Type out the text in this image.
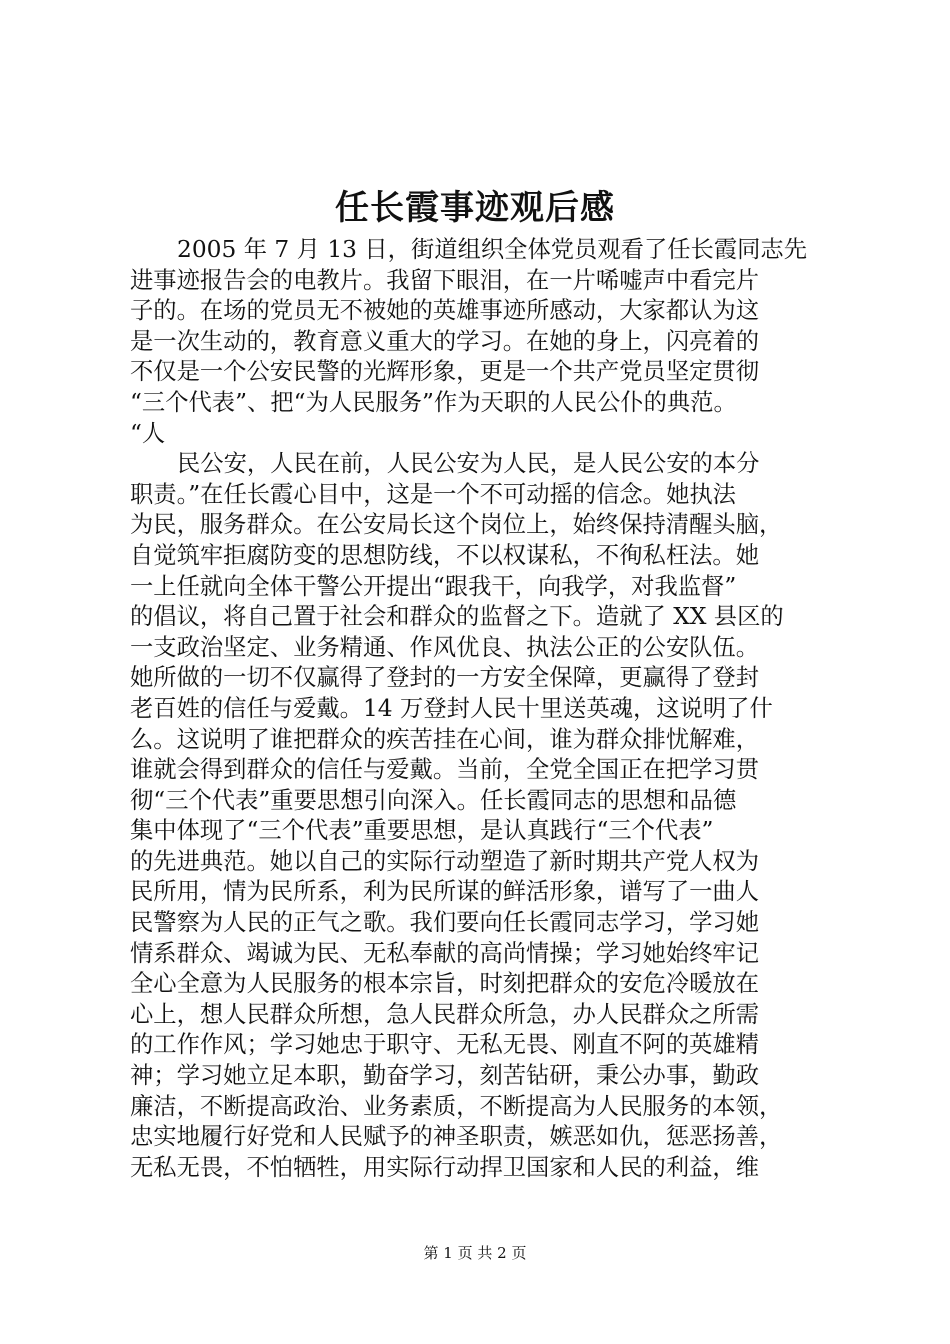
任长霞事迹观后感
2005 年 7 月 13 日，街道组织全体党员观看了任长霞同志先
进事迹报告会的电教片。我留下眼泪，在一片唏嘘声中看完片
子的。在场的党员无不被她的英雄事迹所感动，大家都认为这
是一次生动的，教育意义重大的学习。在她的身上，闪亮着的
不仅是一个公安民警的光辉形象，更是一个共产党员坚定贯彻
“三个代表”、把“为人民服务”作为天职的人民公仆的典范。
“人
民公安，人民在前，人民公安为人民，是人民公安的本分
职责。”在任长霞心目中，这是一个不可动摇的信念。她执法
为民，服务群众。在公安局长这个岗位上，始终保持清醒头脑，
自觉筑牢拒腐防变的思想防线，不以权谋私，不徇私枉法。她
一上任就向全体干警公开提出“跟我干，向我学，对我监督”
的倡议，将自己置于社会和群众的监督之下。造就了 XX 县区的
一支政治坚定、业务精通、作风优良、执法公正的公安队伍。
她所做的一切不仅赢得了登封的一方安全保障，更赢得了登封
老百姓的信任与爱戴。14 万登封人民十里送英魂，这说明了什
么。这说明了谁把群众的疾苦挂在心间，谁为群众排忧解难，
谁就会得到群众的信任与爱戴。当前，全党全国正在把学习贯
彻“三个代表”重要思想引向深入。任长霞同志的思想和品德
集中体现了“三个代表”重要思想，是认真践行“三个代表”
的先进典范。她以自己的实际行动塑造了新时期共产党人权为
民所用，情为民所系，利为民所谋的鲜活形象，谱写了一曲人
民警察为人民的正气之歌。我们要向任长霞同志学习，学习她
情系群众、竭诚为民、无私奉献的高尚情操；学习她始终牢记
全心全意为人民服务的根本宗旨，时刻把群众的安危冷暖放在
心上，想人民群众所想，急人民群众所急，办人民群众之所需
的工作作风；学习她忠于职守、无私无畏、刚直不阿的英雄精
神；学习她立足本职，勤奋学习，刻苦钻研，秉公办事，勤政
廉洁，不断提高政治、业务素质，不断提高为人民服务的本领，
忠实地履行好党和人民赋予的神圣职责，嫉恶如仇，惩恶扬善，
无私无畏，不怕牺牲，用实际行动捍卫国家和人民的利益，维
第 1 页 共 2 页
